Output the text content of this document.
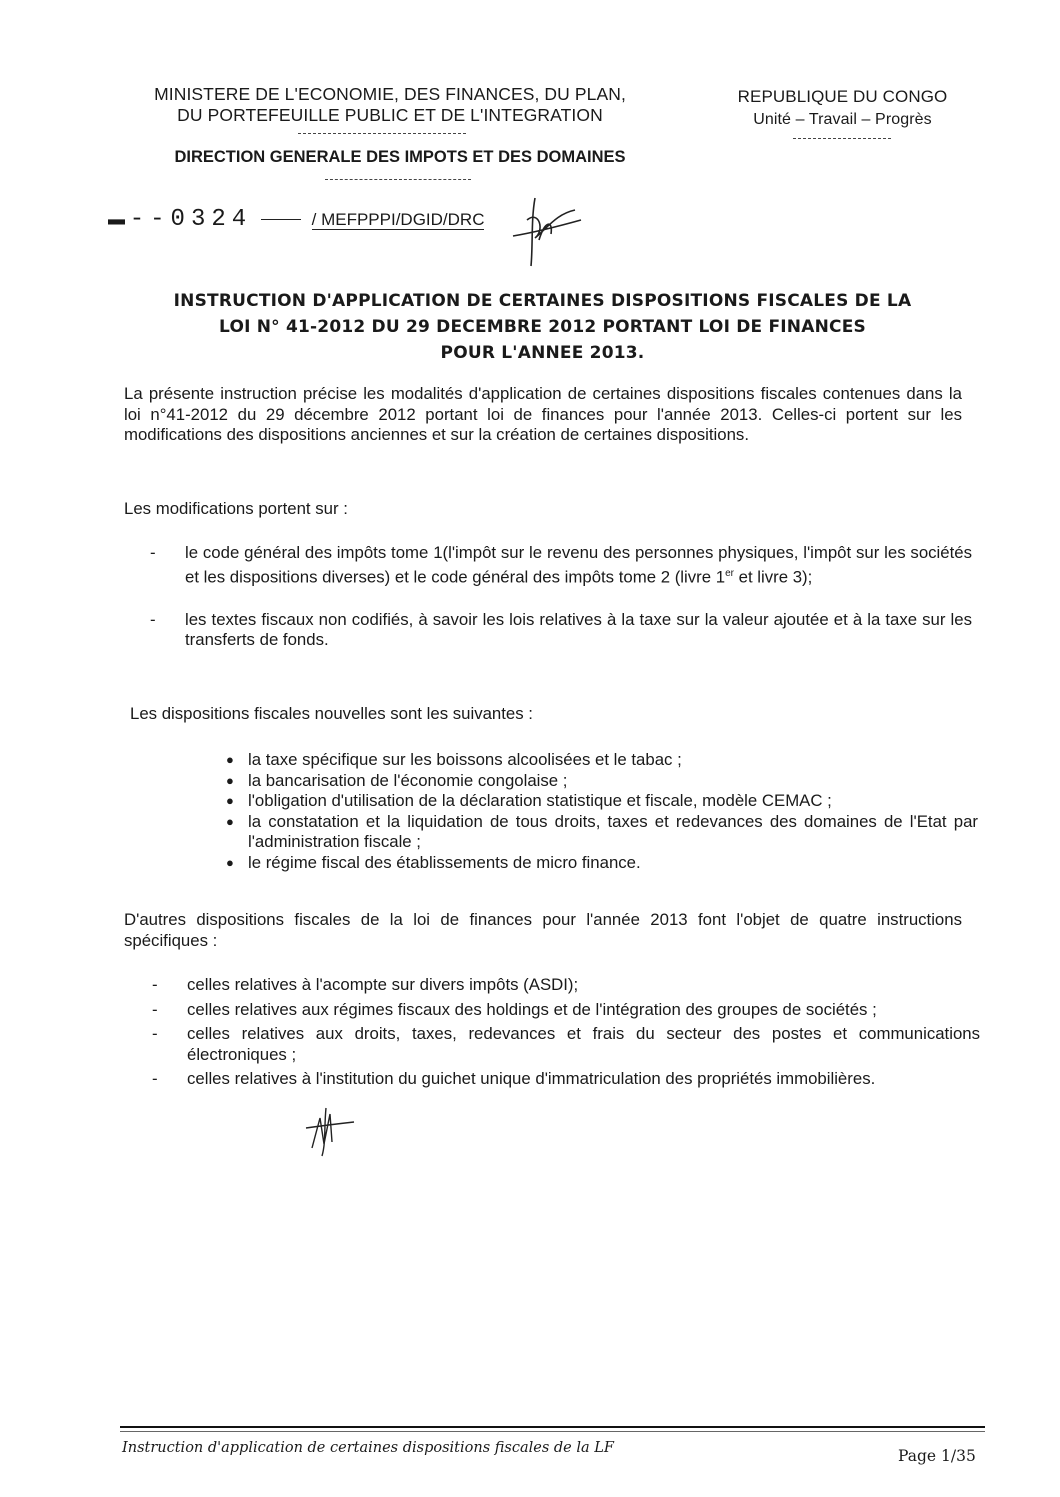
MINISTERE DE L'ECONOMIE, DES FINANCES, DU PLAN,
DU PORTEFEUILLE PUBLIC ET DE L'INTEGRATION
REPUBLIQUE DU CONGO
Unité – Travail – Progrès
DIRECTION GENERALE DES IMPOTS ET DES DOMAINES
▬ --0324	/ MEFPPPI/DGID/DRC
INSTRUCTION D'APPLICATION DE CERTAINES DISPOSITIONS FISCALES DE LA
LOI N° 41-2012 DU 29 DECEMBRE 2012 PORTANT LOI DE FINANCES
POUR L'ANNEE 2013.
La présente instruction précise les modalités d'application de certaines dispositions fiscales contenues dans la loi n°41-2012 du 29 décembre 2012 portant loi de finances pour l'année 2013. Celles-ci portent sur les modifications des dispositions anciennes et sur la création de certaines dispositions.
Les modifications portent sur :
-	le code général des impôts tome 1(l'impôt sur le revenu des personnes physiques, l'impôt sur les sociétés et les dispositions diverses) et le code général des impôts tome 2 (livre 1er et livre 3);
-	les textes fiscaux non codifiés, à savoir les lois relatives à la taxe sur la valeur ajoutée et à la taxe sur les transferts de fonds.
Les dispositions fiscales nouvelles sont les suivantes :
● la taxe spécifique sur les boissons alcoolisées et le tabac ;
● la bancarisation de l'économie congolaise ;
● l'obligation d'utilisation de la déclaration statistique et fiscale, modèle CEMAC ;
● la constatation et la liquidation de tous droits, taxes et redevances des domaines de l'Etat par l'administration fiscale ;
● le régime fiscal des établissements de micro finance.
D'autres dispositions fiscales de la loi de finances pour l'année 2013 font l'objet de quatre instructions spécifiques :
-	celles relatives à l'acompte sur divers impôts (ASDI);
-	celles relatives aux régimes fiscaux des holdings et de l'intégration des groupes de sociétés ;
-	celles relatives aux droits, taxes, redevances et frais du secteur des postes et communications électroniques ;
-	celles relatives à l'institution du guichet unique d'immatriculation des propriétés immobilières.
Instruction d'application de certaines dispositions fiscales de la LF	Page 1/35
